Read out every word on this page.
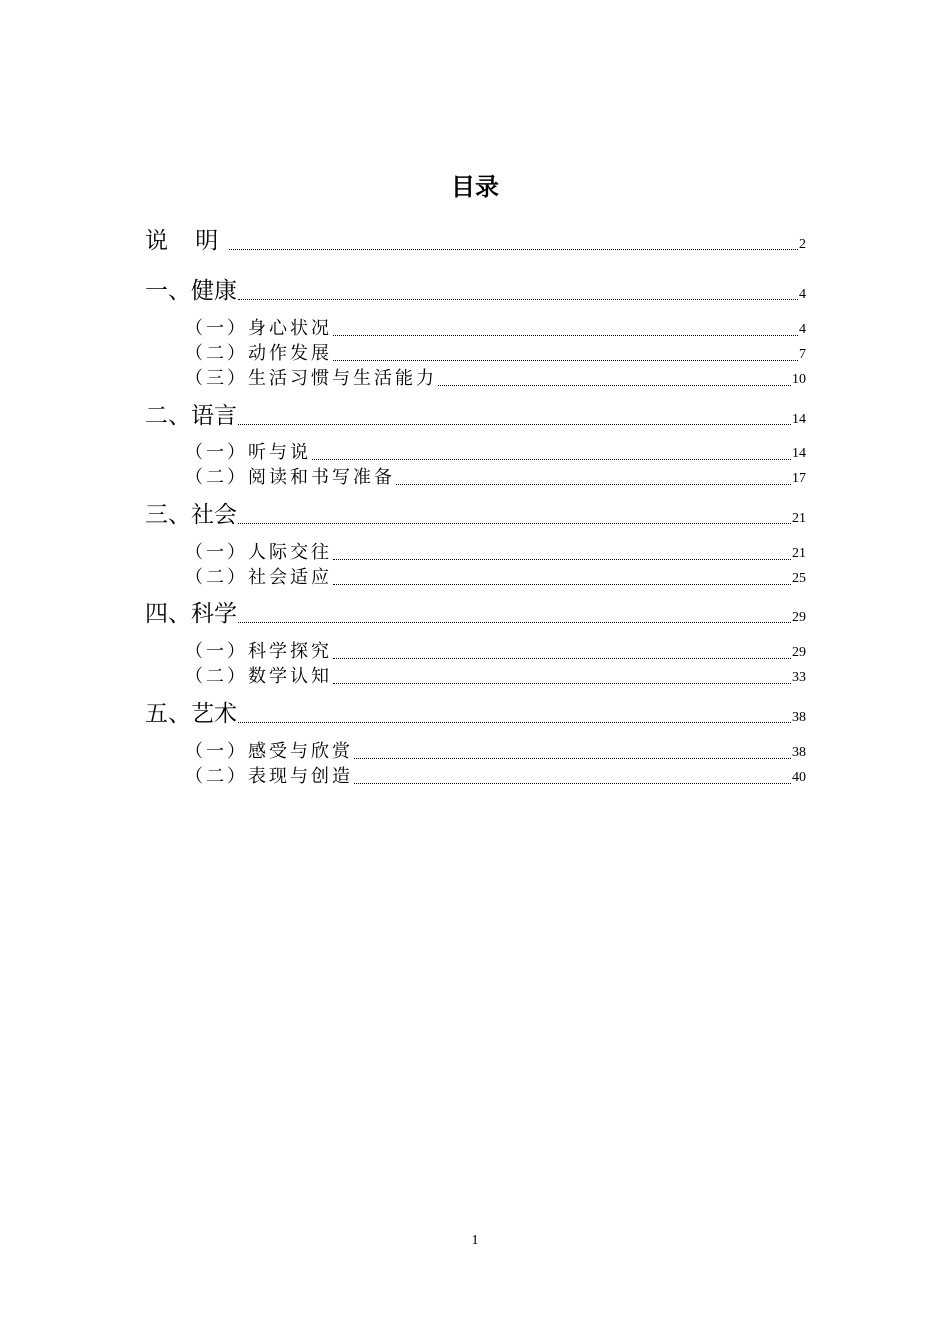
目录
说 明	2
一、健康	4
（一）身心状况	4
（二）动作发展	7
（三）生活习惯与生活能力	10
二、语言	14
（一）听与说	14
（二）阅读和书写准备	17
三、社会	21
（一）人际交往	21
（二）社会适应	25
四、科学	29
（一）科学探究	29
（二）数学认知	33
五、艺术	38
（一）感受与欣赏	38
（二）表现与创造	40
1
